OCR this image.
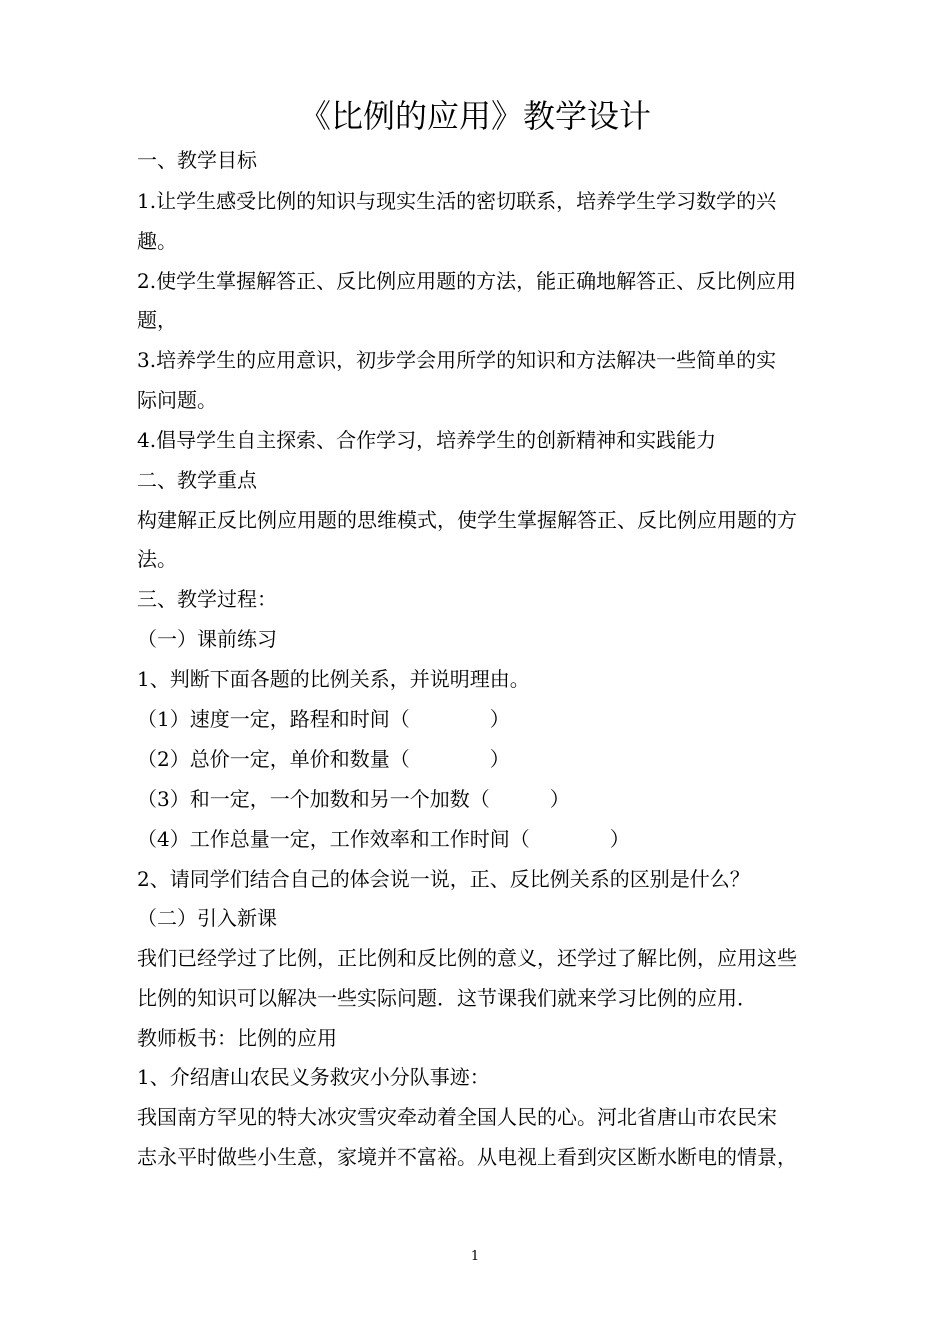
《比例的应用》教学设计
一、教学目标
1.让学生感受比例的知识与现实生活的密切联系，培养学生学习数学的兴
趣。
2.使学生掌握解答正、反比例应用题的方法，能正确地解答正、反比例应用
题，
3.培养学生的应用意识，初步学会用所学的知识和方法解决一些简单的实
际问题。
4.倡导学生自主探索、合作学习，培养学生的创新精神和实践能力
二、教学重点
构建解正反比例应用题的思维模式，使学生掌握解答正、反比例应用题的方
法。
三、教学过程：
（一）课前练习
1、判断下面各题的比例关系，并说明理由。
（1）速度一定，路程和时间（　　　　）
（2）总价一定，单价和数量（　　　　）
（3）和一定，一个加数和另一个加数（　　　）
（4）工作总量一定，工作效率和工作时间（　　　　）
2、请同学们结合自己的体会说一说，正、反比例关系的区别是什么？
（二）引入新课
我们已经学过了比例，正比例和反比例的意义，还学过了解比例，应用这些
比例的知识可以解决一些实际问题．这节课我们就来学习比例的应用．
教师板书：比例的应用
1、介绍唐山农民义务救灾小分队事迹：
我国南方罕见的特大冰灾雪灾牵动着全国人民的心。河北省唐山市农民宋
志永平时做些小生意，家境并不富裕。从电视上看到灾区断水断电的情景，
1
